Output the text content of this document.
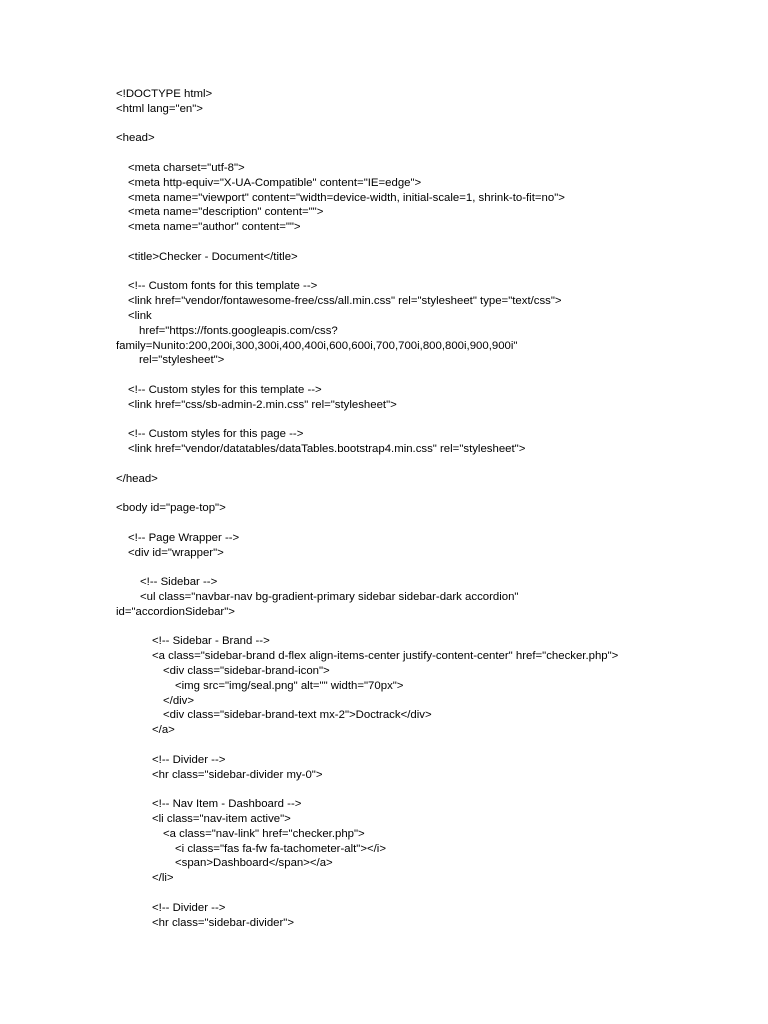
<!DOCTYPE html>
<html lang="en">
<head>
<meta charset="utf-8">
<meta http-equiv="X-UA-Compatible" content="IE=edge">
<meta name="viewport" content="width=device-width, initial-scale=1, shrink-to-fit=no">
<meta name="description" content="">
<meta name="author" content="">
<title>Checker - Document</title>
<!-- Custom fonts for this template -->
<link href="vendor/fontawesome-free/css/all.min.css" rel="stylesheet" type="text/css">
<link
href="https://fonts.googleapis.com/css?
family=Nunito:200,200i,300,300i,400,400i,600,600i,700,700i,800,800i,900,900i"
rel="stylesheet">
<!-- Custom styles for this template -->
<link href="css/sb-admin-2.min.css" rel="stylesheet">
<!-- Custom styles for this page -->
<link href="vendor/datatables/dataTables.bootstrap4.min.css" rel="stylesheet">
</head>
<body id="page-top">
<!-- Page Wrapper -->
<div id="wrapper">
<!-- Sidebar -->
<ul class="navbar-nav bg-gradient-primary sidebar sidebar-dark accordion"
id="accordionSidebar">
<!-- Sidebar - Brand -->
<a class="sidebar-brand d-flex align-items-center justify-content-center" href="checker.php">
<div class="sidebar-brand-icon">
<img src="img/seal.png" alt="" width="70px">
</div>
<div class="sidebar-brand-text mx-2">Doctrack</div>
</a>
<!-- Divider -->
<hr class="sidebar-divider my-0">
<!-- Nav Item - Dashboard -->
<li class="nav-item active">
<a class="nav-link" href="checker.php">
<i class="fas fa-fw fa-tachometer-alt"></i>
<span>Dashboard</span></a>
</li>
<!-- Divider -->
<hr class="sidebar-divider">
